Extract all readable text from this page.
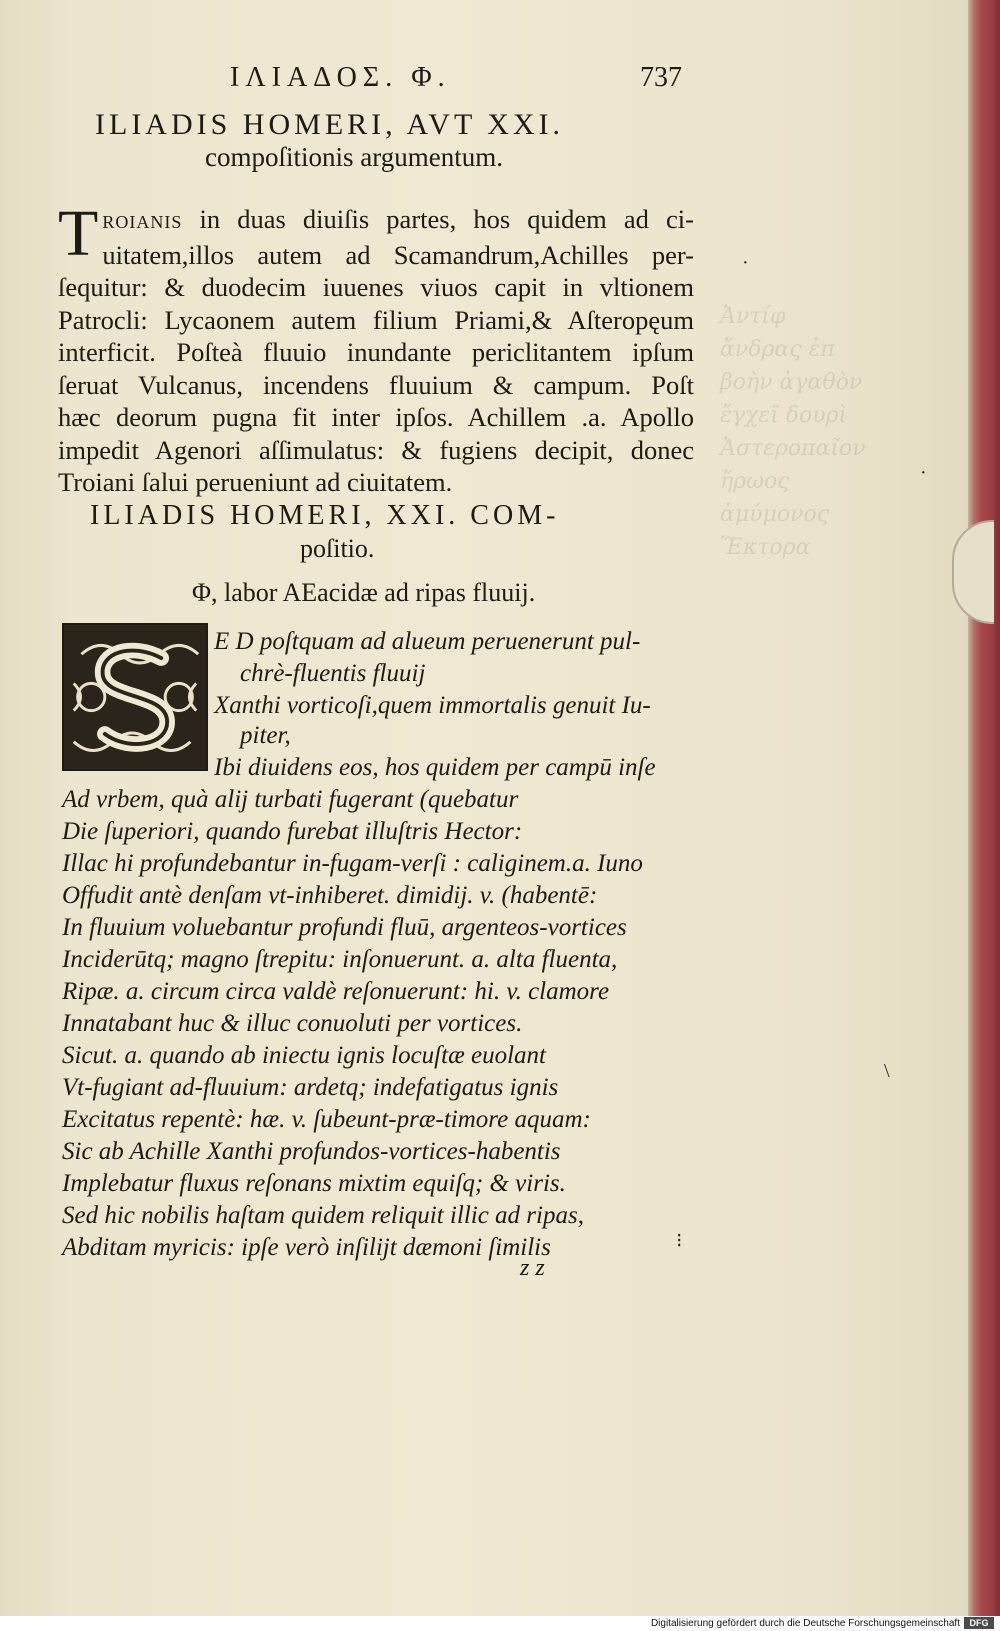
Ἀντίφ
ἄνδρας ἐπ
βοὴν ἀγαθὸν
ἔγχεϊ δουρὶ
Ἀστεροπαῖον
ἥρωος
ἀμύμονος
Ἕκτορα

ΙΛΙΑΔΟΣ. Φ.	737
ILIADIS HOMERI, AVT XXI.
compoſitionis argumentum.
T ROIANIS in duas diuiſis partes, hos quidem ad ci-
uitatem,illos autem ad Scamandrum,Achilles per-
ſequitur: & duodecim iuuenes viuos capit in vltionem
Patrocli: Lycaonem autem filium Priami,& Aſteropęum
interficit. Poſteà fluuio inundante periclitantem ipſum
ſeruat Vulcanus, incendens fluuium & campum. Poſt
hæc deorum pugna fit inter ipſos. Achillem .a. Apollo
impedit Agenori aſſimulatus: & fugiens decipit, donec
Troiani ſalui perueniunt ad ciuitatem.
ILIADIS HOMERI, XXI. COM-
poſitio.
Φ, labor AEacidæ ad ripas fluuij.
E D poſtquam ad alueum peruenerunt pul-
chrè-fluentis fluuij
Xanthi vorticoſi,quem immortalis genuit Iu-
piter,
Ibi diuidens eos, hos quidem per campū inſe
Ad vrbem, quà alij turbati fugerant (quebatur
Die ſuperiori, quando furebat illuſtris Hector:
Illac hi profundebantur in-fugam-verſi : caliginem.a. Iuno
Offudit antè denſam vt-inhiberet. dimidij. v. (habentē:
In fluuium voluebantur profundi fluū, argenteos-vortices
Inciderūtq; magno ſtrepitu: inſonuerunt. a. alta fluenta,
Ripæ. a. circum circa valdè reſonuerunt: hi. v. clamore
Innatabant huc & illuc conuoluti per vortices.
Sicut. a. quando ab iniectu ignis locuſtæ euolant
Vt-fugiant ad-fluuium: ardetq; indefatigatus ignis
Excitatus repentè: hæ. v. ſubeunt-præ-timore aquam:
Sic ab Achille Xanthi profundos-vortices-habentis
Implebatur fluxus reſonans mixtim equiſq; & viris.
Sed hic nobilis haſtam quidem reliquit illic ad ripas,
Abditam myricis: ipſe verò inſilijt dæmoni ſimilis
z z
·
·
\
⁝
Digitalisierung gefördert durch die Deutsche Forschungsgemeinschaft	DFG
